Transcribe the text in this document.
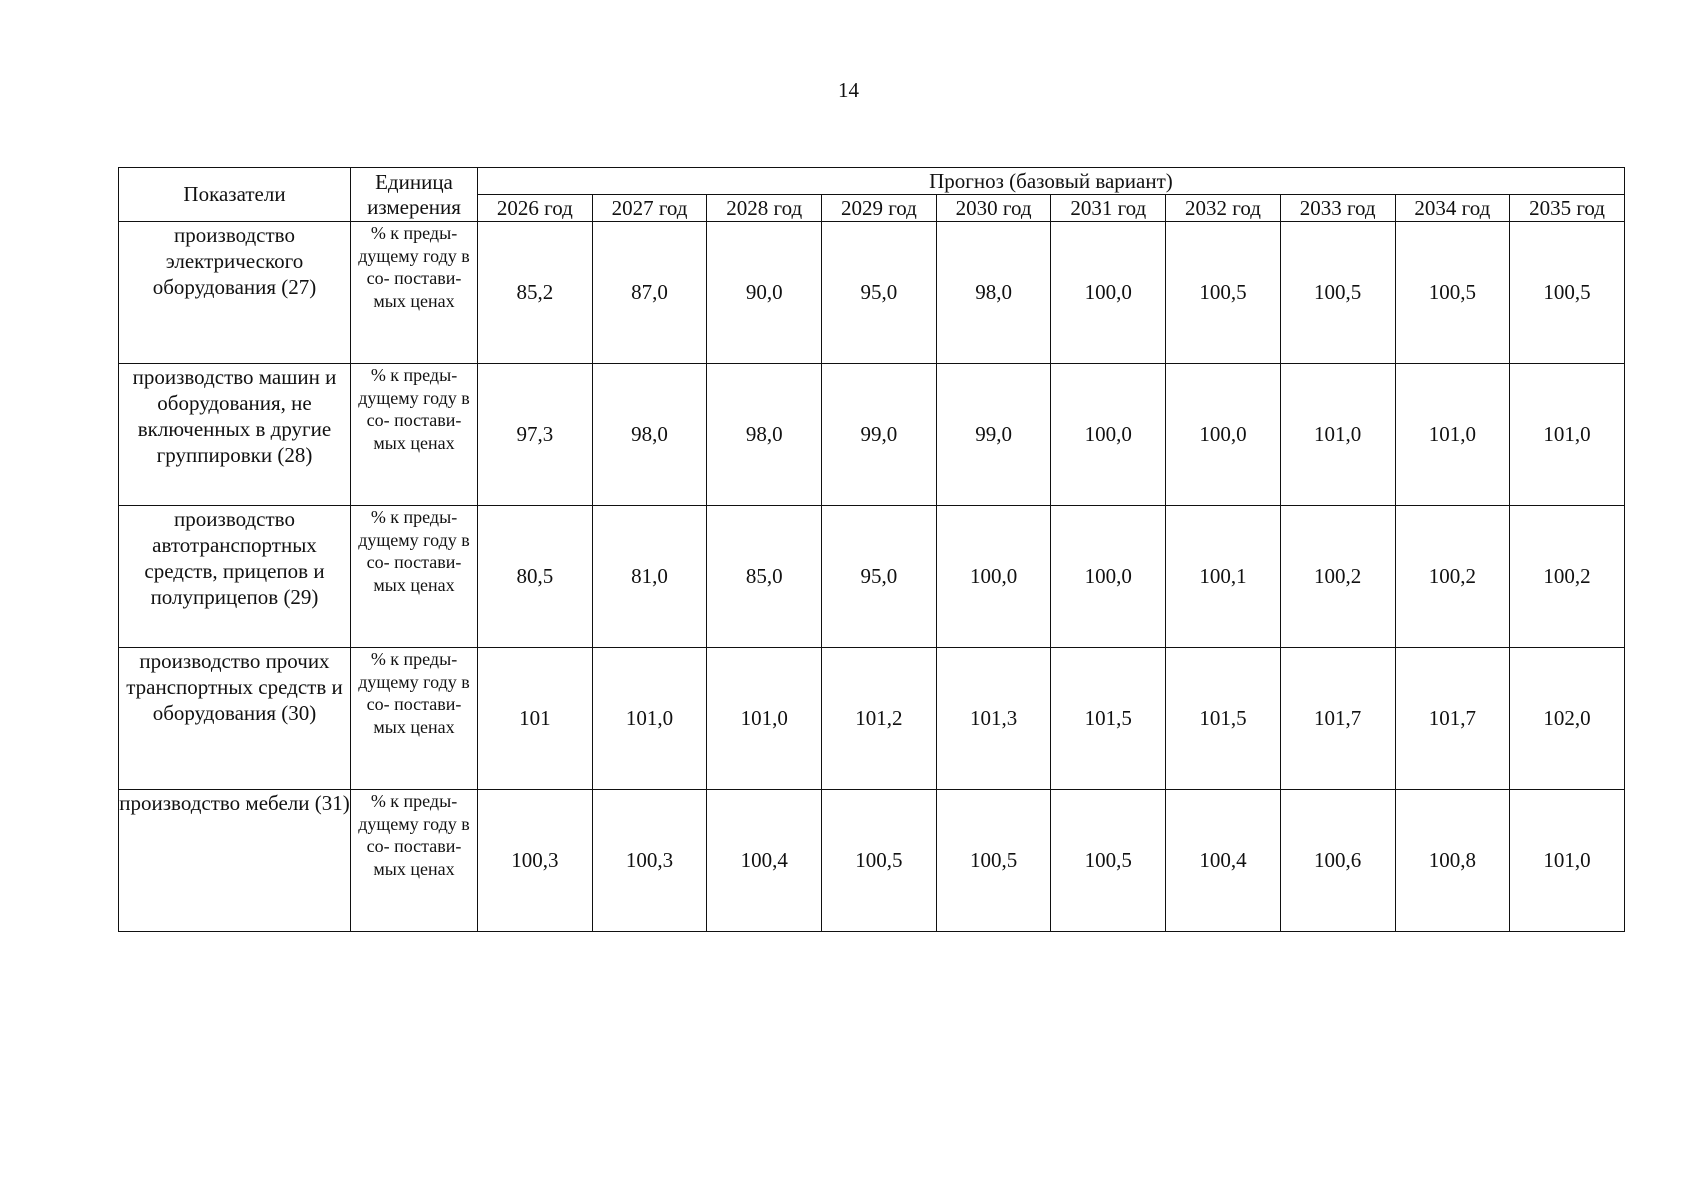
14
Показатели	Единица измерения	Прогноз (базовый вариант)									
		2026 год	2027 год	2028 год	2029 год	2030 год	2031 год	2032 год	2033 год	2034 год	2035 год
производство электрического оборудования (27)	% к преды- дущему году в со- постави- мых ценах	85,2	87,0	90,0	95,0	98,0	100,0	100,5	100,5	100,5	100,5
производство машин и оборудования, не включенных в другие группировки (28)	% к преды- дущему году в со- постави- мых ценах	97,3	98,0	98,0	99,0	99,0	100,0	100,0	101,0	101,0	101,0
производство автотранспортных средств, прицепов и полуприцепов (29)	% к преды- дущему году в со- постави- мых ценах	80,5	81,0	85,0	95,0	100,0	100,0	100,1	100,2	100,2	100,2
производство прочих транспортных средств и оборудования (30)	% к преды- дущему году в со- постави- мых ценах	101	101,0	101,0	101,2	101,3	101,5	101,5	101,7	101,7	102,0
производство мебели (31)	% к преды- дущему году в со- постави- мых ценах	100,3	100,3	100,4	100,5	100,5	100,5	100,4	100,6	100,8	101,0
